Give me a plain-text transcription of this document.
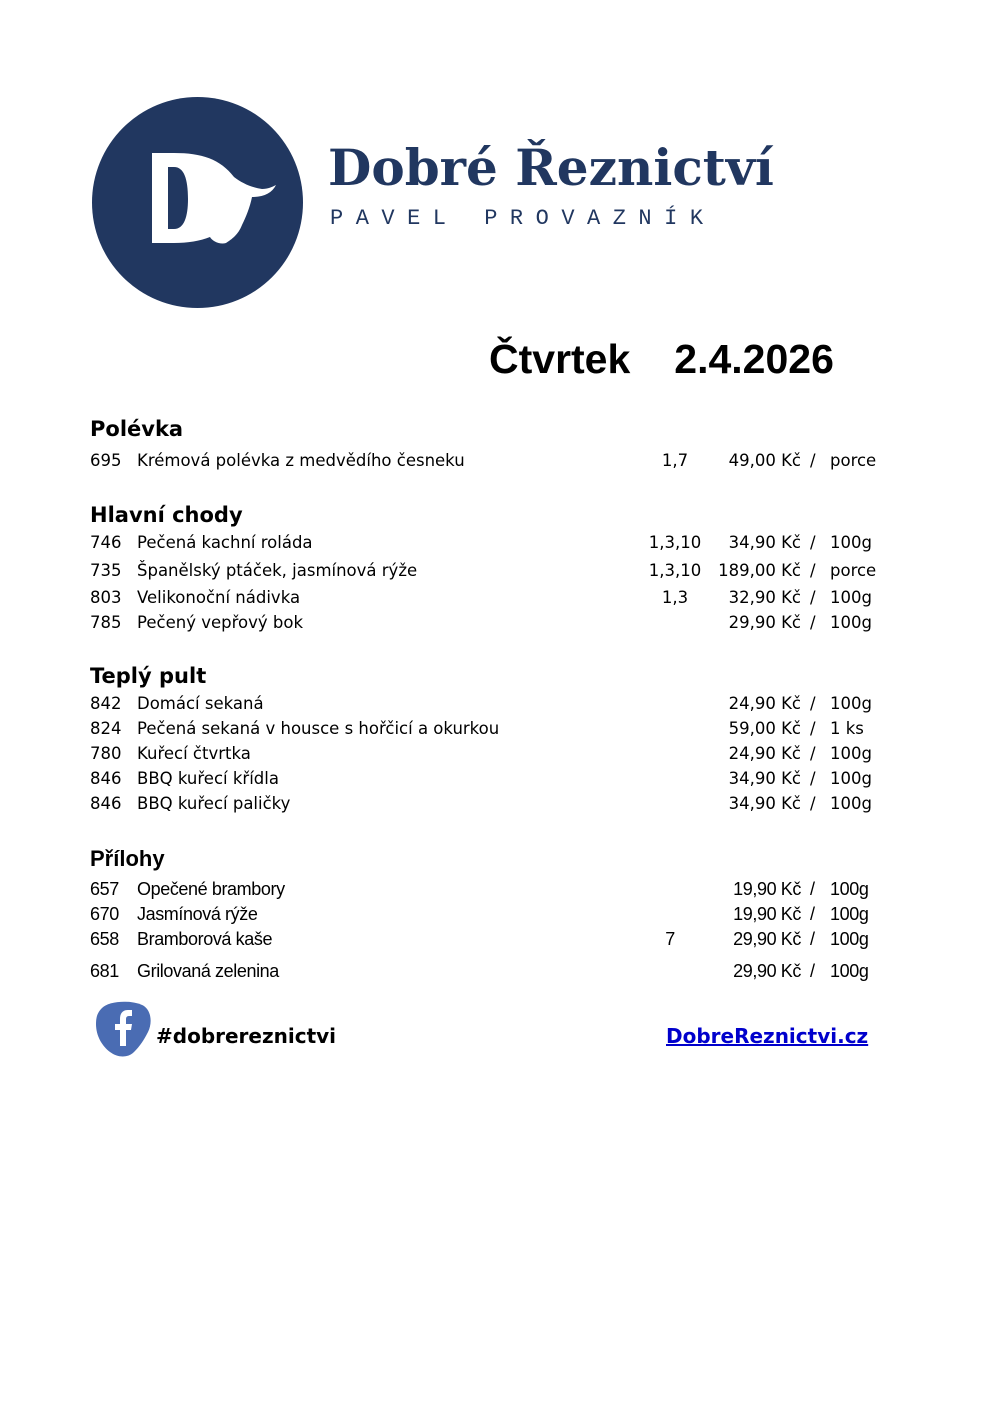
Dobré Řeznictví
PAVEL PROVAZNÍK
Čtvrtek 2.4.2026
Polévka
695 Krémová polévka z medvědího česneku	1,7	49,00 Kč / porce
Hlavní chody
746 Pečená kachní roláda	1,3,10	34,90 Kč / 100g
735 Španělský ptáček, jasmínová rýže	1,3,10	189,00 Kč / porce
803 Velikonoční nádivka	1,3	32,90 Kč / 100g
785 Pečený vepřový bok	29,90 Kč / 100g
Teplý pult
842 Domácí sekaná	24,90 Kč / 100g
824 Pečená sekaná v housce s hořčicí a okurkou	59,00 Kč / 1 ks
780 Kuřecí čtvrtka	24,90 Kč / 100g
846 BBQ kuřecí křídla	34,90 Kč / 100g
846 BBQ kuřecí paličky	34,90 Kč / 100g
Přílohy
657 Opečené brambory	19,90 Kč / 100g
670 Jasmínová rýže	19,90 Kč / 100g
658 Bramborová kaše	7	29,90 Kč / 100g
681 Grilovaná zelenina	29,90 Kč / 100g
#dobrereznictvi	DobreReznictvi.cz
